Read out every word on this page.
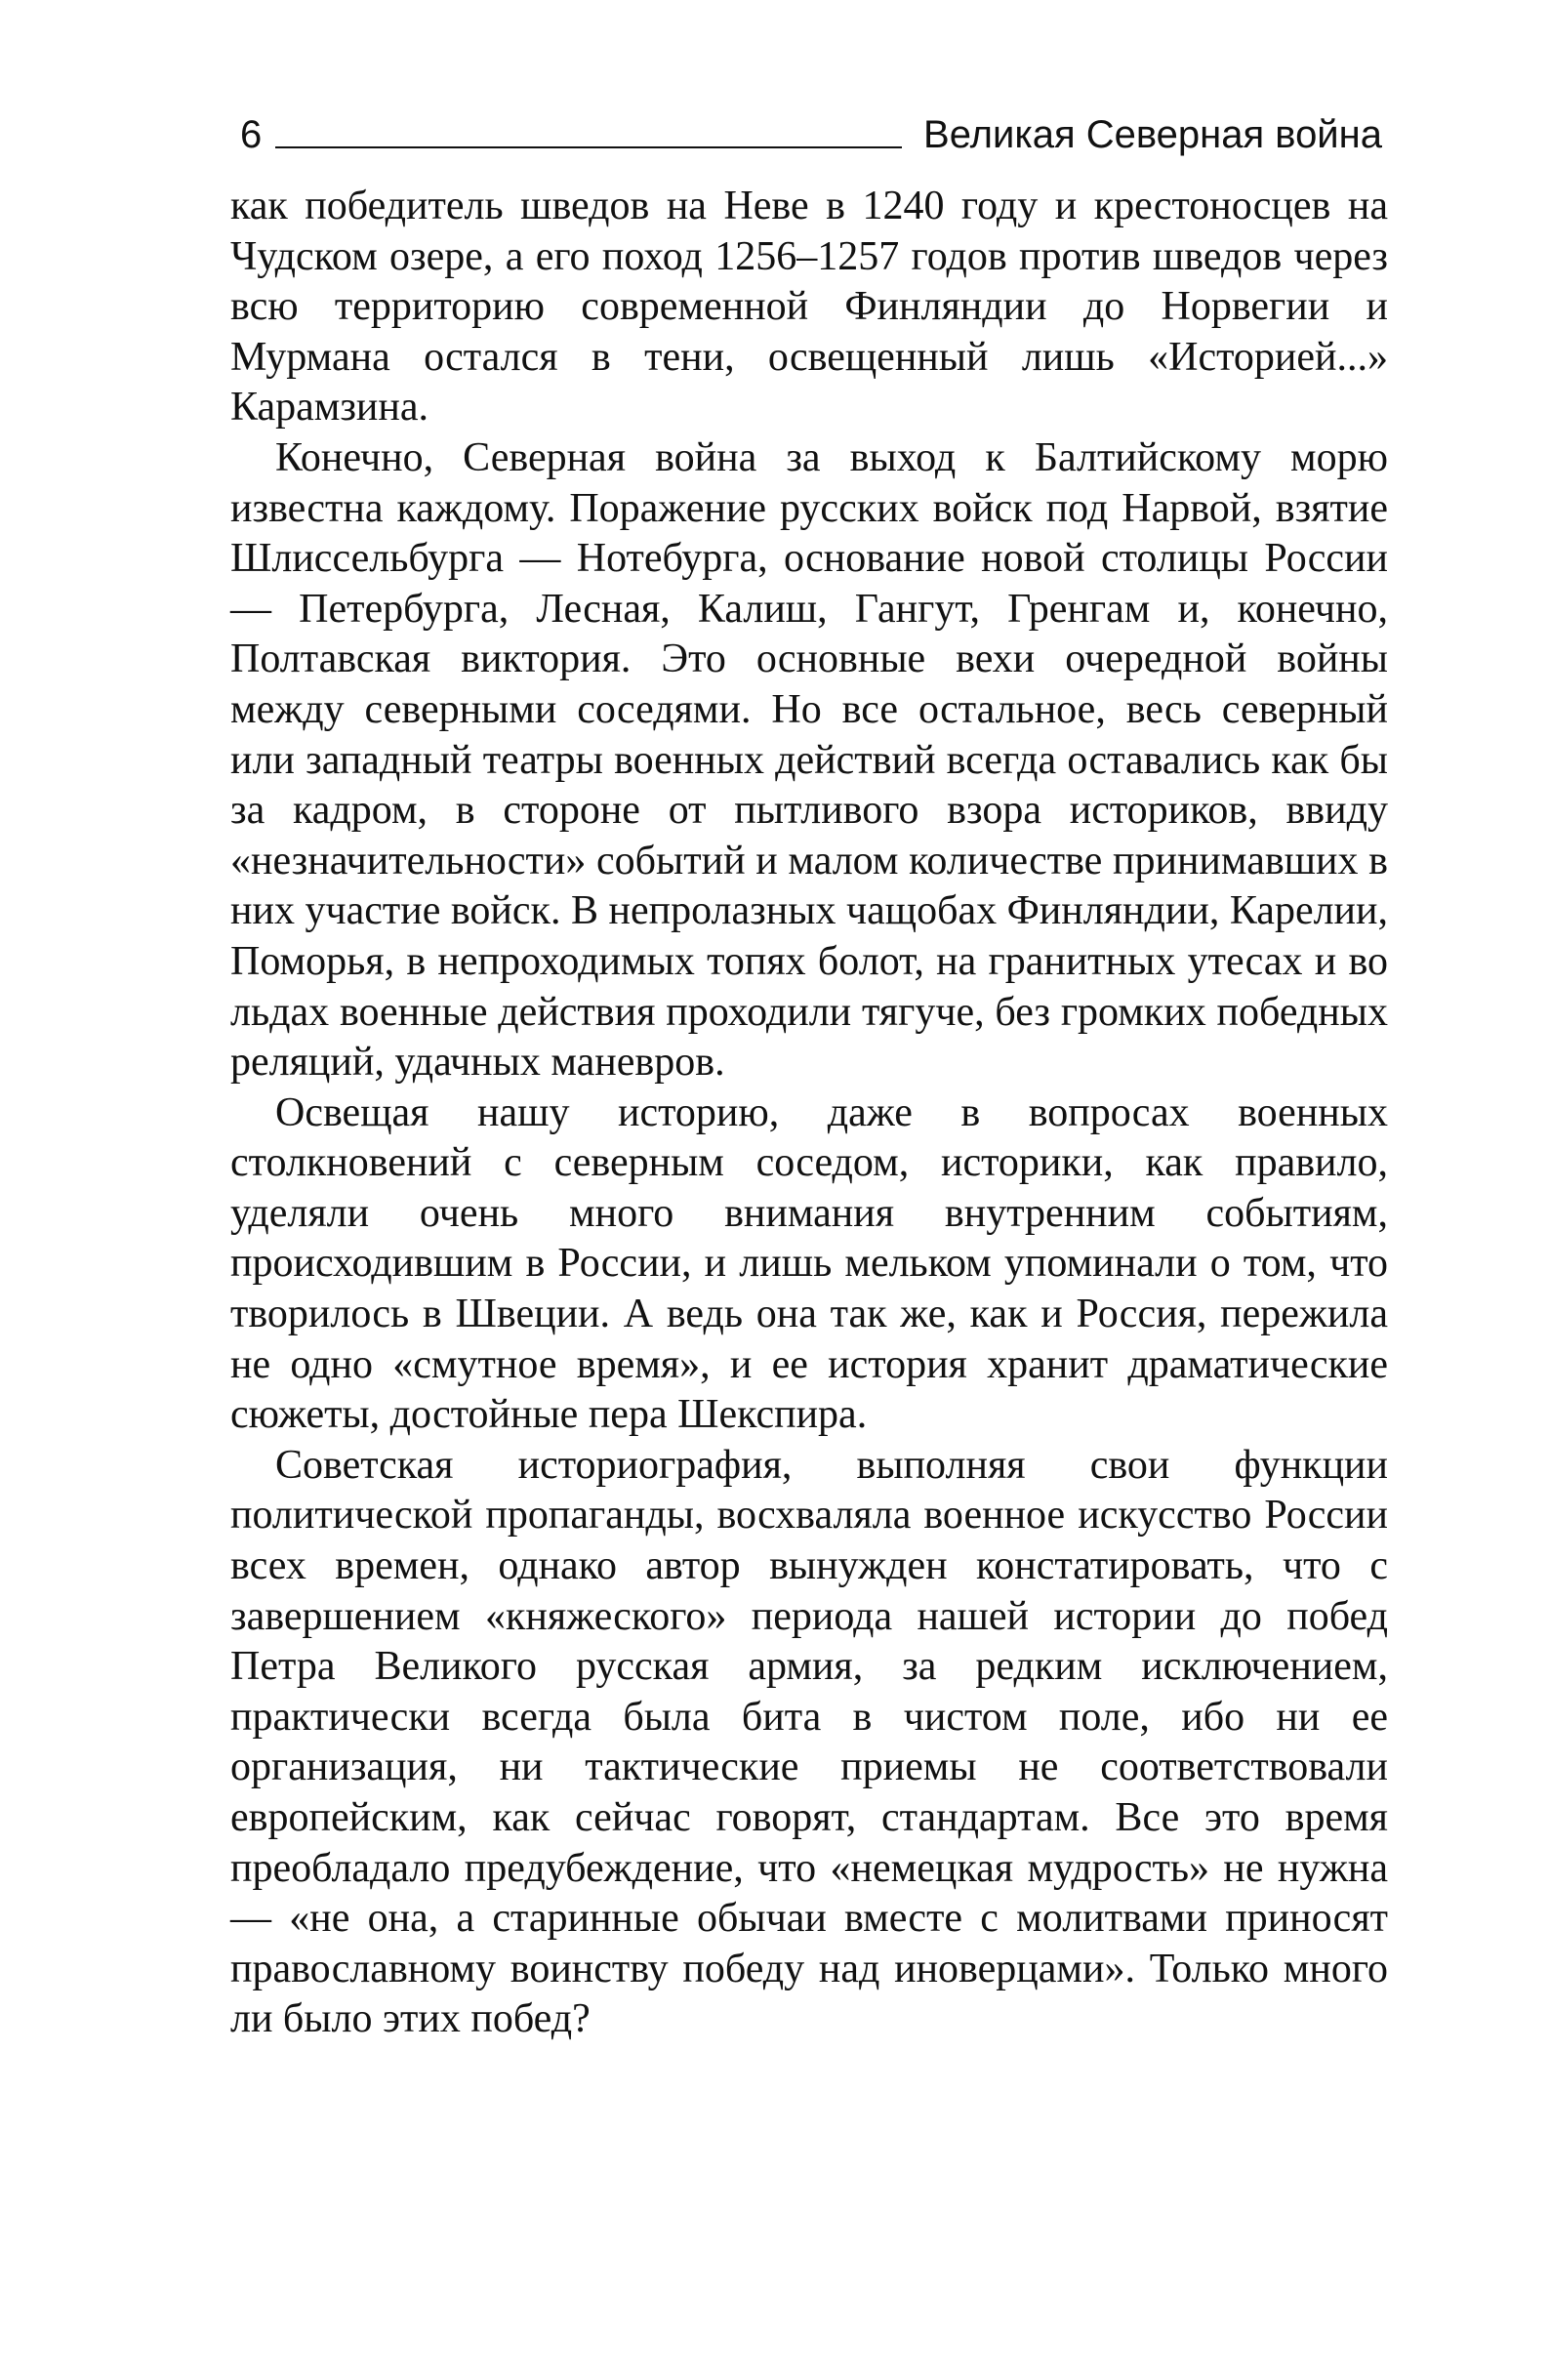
6	Великая Северная война

как победитель шведов на Неве в 1240 году и крестоносцев на Чудском озере, а его поход 1256–1257 годов против шведов через всю территорию современной Финляндии до Норвегии и Мурмана остался в тени, освещенный лишь «Историей...» Карамзина.

Конечно, Северная война за выход к Балтийскому морю известна каждому. Поражение русских войск под Нарвой, взятие Шлиссельбурга — Нотебурга, основание новой столицы России — Петербурга, Лесная, Калиш, Гангут, Гренгам и, конечно, Полтавская виктория. Это основные вехи очередной войны между северными соседями. Но все остальное, весь северный или западный театры военных действий всегда оставались как бы за кадром, в стороне от пытливого взора историков, ввиду «незначительности» событий и малом количестве принимавших в них участие войск. В непролазных чащобах Финляндии, Карелии, Поморья, в непроходимых топях болот, на гранитных утесах и во льдах военные действия проходили тягуче, без громких победных реляций, удачных маневров.

Освещая нашу историю, даже в вопросах военных столкновений с северным соседом, историки, как правило, уделяли очень много внимания внутренним событиям, происходившим в России, и лишь мельком упоминали о том, что творилось в Швеции. А ведь она так же, как и Россия, пережила не одно «смутное время», и ее история хранит драматические сюжеты, достойные пера Шекспира.

Советская историография, выполняя свои функции политической пропаганды, восхваляла военное искусство России всех времен, однако автор вынужден констатировать, что с завершением «княжеского» периода нашей истории до побед Петра Великого русская армия, за редким исключением, практически всегда была бита в чистом поле, ибо ни ее организация, ни тактические приемы не соответствовали европейским, как сейчас говорят, стандартам. Все это время преобладало предубеждение, что «немецкая мудрость» не нужна — «не она, а старинные обычаи вместе с молитвами приносят православному воинству победу над иноверцами». Только много ли было этих побед?
